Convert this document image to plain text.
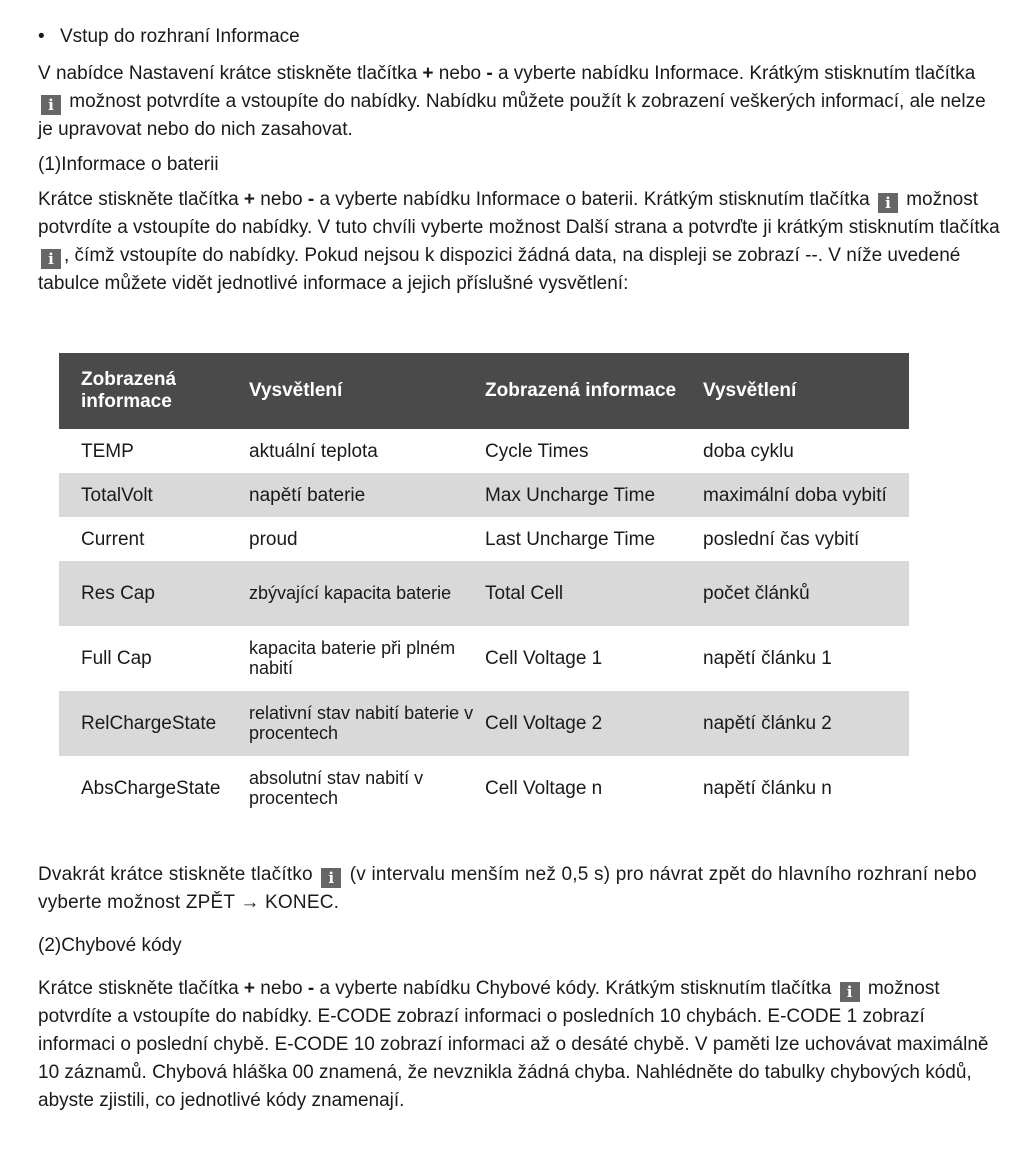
• Vstup do rozhraní Informace

V nabídce Nastavení krátce stiskněte tlačítka + nebo - a vyberte nabídku Informace. Krátkým stisknutím tlačítka i možnost potvrdíte a vstoupíte do nabídky. Nabídku můžete použít k zobrazení veškerých informací, ale nelze je upravovat nebo do nich zasahovat.

(1)Informace o baterii

Krátce stiskněte tlačítka + nebo - a vyberte nabídku Informace o baterii. Krátkým stisknutím tlačítka i možnost potvrdíte a vstoupíte do nabídky. V tuto chvíli vyberte možnost Další strana a potvrďte ji krátkým stisknutím tlačítka i , čímž vstoupíte do nabídky. Pokud nejsou k dispozici žádná data, na displeji se zobrazí --. V níže uvedené tabulce můžete vidět jednotlivé informace a jejich příslušné vysvětlení:

Zobrazená informace	Vysvětlení	Zobrazená informace	Vysvětlení
TEMP	aktuální teplota	Cycle Times	doba cyklu
TotalVolt	napětí baterie	Max Uncharge Time	maximální doba vybití
Current	proud	Last Uncharge Time	poslední čas vybití
Res Cap	zbývající kapacita baterie	Total Cell	počet článků
Full Cap	kapacita baterie při plném nabití	Cell Voltage 1	napětí článku 1
RelChargeState	relativní stav nabití baterie v procentech	Cell Voltage 2	napětí článku 2
AbsChargeState	absolutní stav nabití v procentech	Cell Voltage n	napětí článku n

Dvakrát krátce stiskněte tlačítko i (v intervalu menším než 0,5 s) pro návrat zpět do hlavního rozhraní nebo vyberte možnost ZPĚT → KONEC.

(2)Chybové kódy

Krátce stiskněte tlačítka + nebo - a vyberte nabídku Chybové kódy. Krátkým stisknutím tlačítka i možnost potvrdíte a vstoupíte do nabídky. E-CODE zobrazí informaci o posledních 10 chybách. E-CODE 1 zobrazí informaci o poslední chybě. E-CODE 10 zobrazí informaci až o desáté chybě. V paměti lze uchovávat maximálně 10 záznamů. Chybová hláška 00 znamená, že nevznikla žádná chyba. Nahlédněte do tabulky chybových kódů, abyste zjistili, co jednotlivé kódy znamenají.
